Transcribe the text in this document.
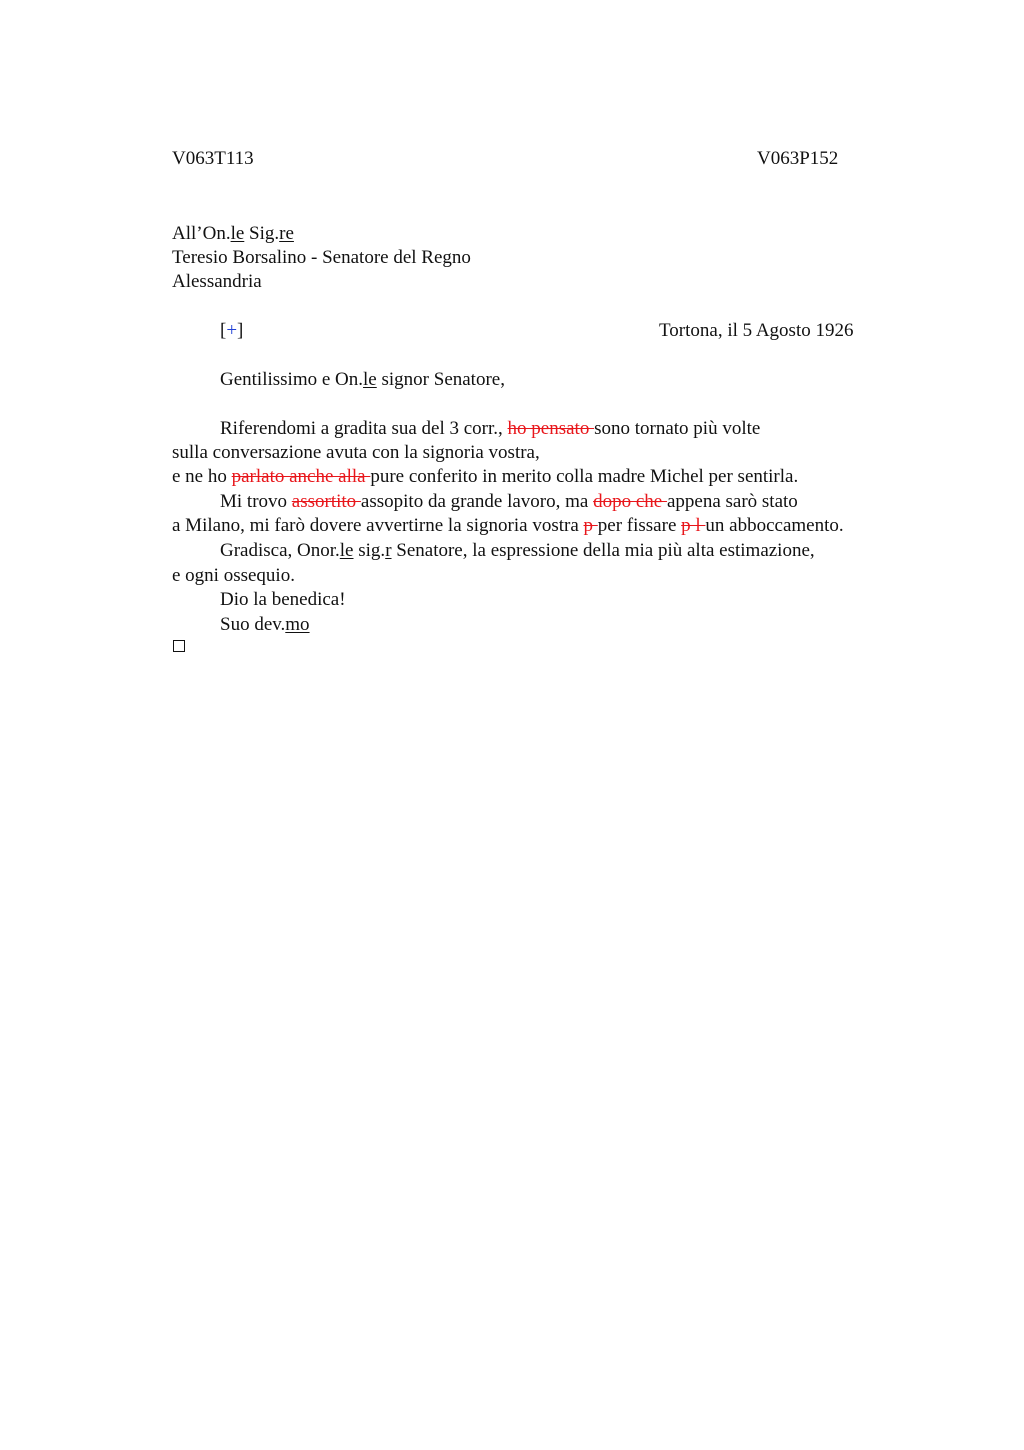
V063T113	V063P152
All’On.le Sig.re
Teresio Borsalino - Senatore del Regno
Alessandria
[+]	Tortona, il 5 Agosto 1926
Gentilissimo e On.le signor Senatore,
Riferendomi a gradita sua del 3 corr., ho pensato sono tornato più volte
sulla conversazione avuta con la signoria vostra,
e ne ho parlato anche alla pure conferito in merito colla madre Michel per sentirla.
Mi trovo assortito assopito da grande lavoro, ma dopo che appena sarò stato
a Milano, mi farò dovere avvertirne la signoria vostra p per fissare p l un abboccamento.
Gradisca, Onor.le sig.r Senatore, la espressione della mia più alta estimazione,
e ogni ossequio.
Dio la benedica!
Suo dev.mo
